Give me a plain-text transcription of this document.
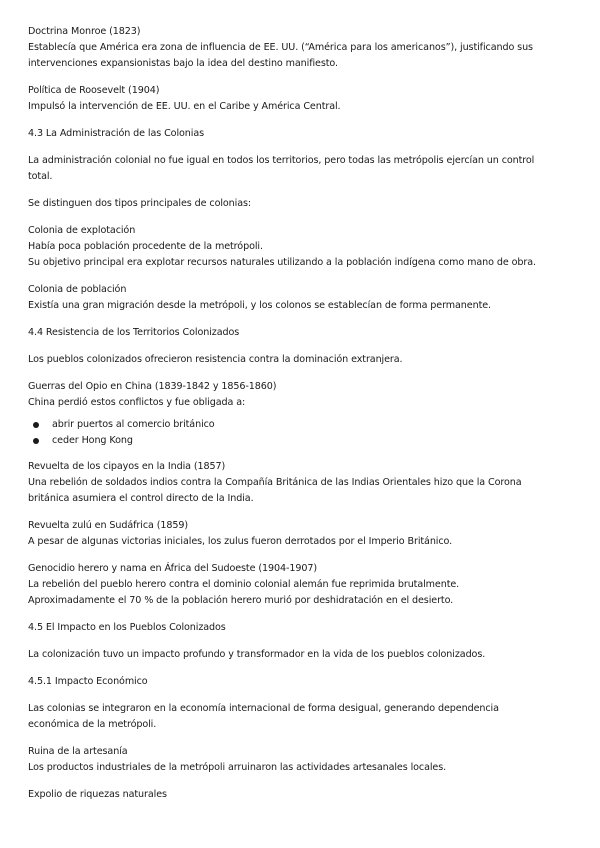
Doctrina Monroe (1823)

Establecía que América era zona de influencia de EE. UU. (“América para los americanos”), justificando sus

intervenciones expansionistas bajo la idea del destino manifiesto.

Política de Roosevelt (1904)

Impulsó la intervención de EE. UU. en el Caribe y América Central.

4.3 La Administración de las Colonias

La administración colonial no fue igual en todos los territorios, pero todas las metrópolis ejercían un control

total.

Se distinguen dos tipos principales de colonias:

Colonia de explotación

Había poca población procedente de la metrópoli.

Su objetivo principal era explotar recursos naturales utilizando a la población indígena como mano de obra.

Colonia de población

Existía una gran migración desde la metrópoli, y los colonos se establecían de forma permanente.

4.4 Resistencia de los Territorios Colonizados

Los pueblos colonizados ofrecieron resistencia contra la dominación extranjera.

Guerras del Opio en China (1839-1842 y 1856-1860)

China perdió estos conflictos y fue obligada a:

abrir puertos al comercio británico
ceder Hong Kong

Revuelta de los cipayos en la India (1857)

Una rebelión de soldados indios contra la Compañía Británica de las Indias Orientales hizo que la Corona

británica asumiera el control directo de la India.

Revuelta zulú en Sudáfrica (1859)

A pesar de algunas victorias iniciales, los zulus fueron derrotados por el Imperio Británico.

Genocidio herero y nama en África del Sudoeste (1904-1907)

La rebelión del pueblo herero contra el dominio colonial alemán fue reprimida brutalmente.

Aproximadamente el 70 % de la población herero murió por deshidratación en el desierto.

4.5 El Impacto en los Pueblos Colonizados

La colonización tuvo un impacto profundo y transformador en la vida de los pueblos colonizados.

4.5.1 Impacto Económico

Las colonias se integraron en la economía internacional de forma desigual, generando dependencia

económica de la metrópoli.

Ruina de la artesanía

Los productos industriales de la metrópoli arruinaron las actividades artesanales locales.

Expolio de riquezas naturales
